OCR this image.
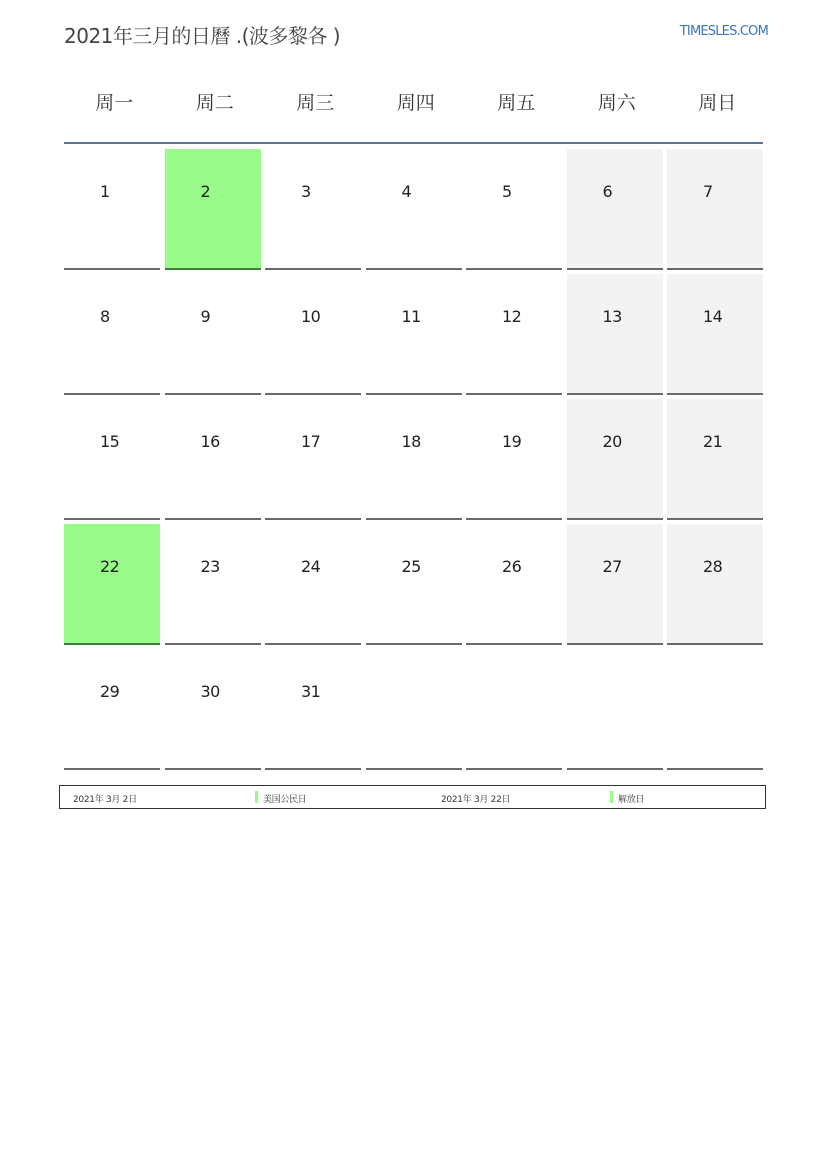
2021年三月的日曆 .(波多黎各 )	TIMESLES.COM
周一	周二	周三	周四	周五	周六	周日
1	2	3	4	5	6	7
8	9	10	11	12	13	14
15	16	17	18	19	20	21
22	23	24	25	26	27	28
29	30	31
2021年 3月 2日	美国公民日	2021年 3月 22日	解放日
